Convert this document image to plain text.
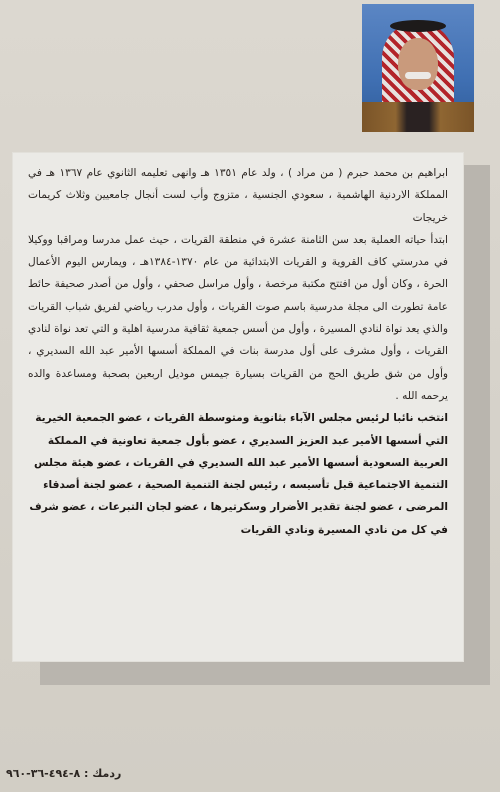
ابراهيم بن محمد حبرم ( من مراد ) ، ولد عام ١٣٥١ هـ وانهى تعليمه الثانوي عام ١٣٦٧ هـ في المملكة الاردنية الهاشمية ، سعودي الجنسية ، متزوج وأب لست أنجال جامعيين وثلاث كريمات خريجات

ابتدأ حياته العملية بعد سن الثامنة عشرة في منطقة القريات ، حيث عمل مدرسا ومراقبا ووكيلا في مدرستي كاف القروية و القريات الابتدائية من عام ١٣٧٠-١٣٨٤هـ ، ويمارس اليوم الأعمال الحرة ، وكان أول من افتتح مكتبة مرخصة ، وأول مراسل صحفي ، وأول من أصدر صحيفة حائط عامة تطورت الى مجلة مدرسية باسم صوت القريات ، وأول مدرب رياضي لفريق شباب القريات والذي يعد نواة لنادي المسيرة ، وأول من أسس جمعية ثقافية مدرسية اهلية و التي تعد نواة لنادي القريات ، وأول مشرف على أول مدرسة بنات في المملكة أسسها الأمير عبد الله السديري ، وأول من شق طريق الحج من القريات بسيارة جيمس موديل اربعين بصحبة ومساعدة والده يرحمه الله .

انتخب نائبا لرئيس مجلس الآباء بثانوية ومتوسطة القريات ، عضو الجمعية الخيرية التي أسسها الأمير عبد العزيز السديري ، عضو بأول جمعية تعاونية في المملكة العربية السعودية أسسها الأمير عبد الله السديري في القريات ، عضو هيئة مجلس التنمية الاجتماعية قبل تأسيسه ، رئيس لجنة التنمية الصحية ، عضو لجنة أصدقاء المرضى ، عضو لجنة تقدير الأضرار وسكرتيرها ، عضو لجان التبرعات ، عضو شرف في كل من نادي المسيرة ونادي القريات

ردمك : ٨-٤٩٤-٣٦-٩٦٠
